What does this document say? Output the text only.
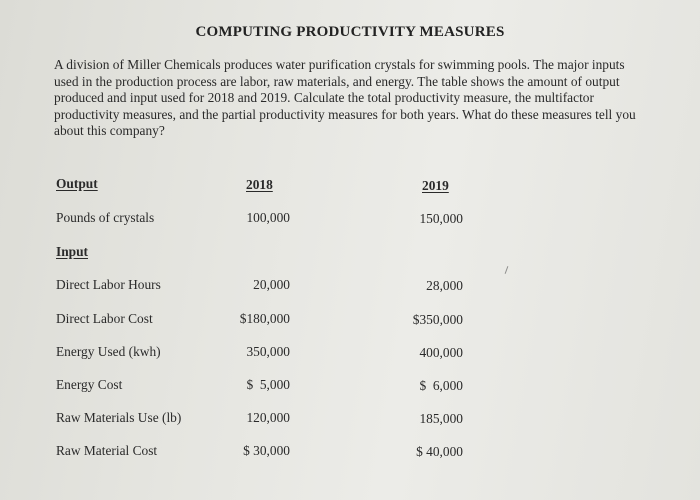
COMPUTING PRODUCTIVITY MEASURES
A division of Miller Chemicals produces water purification crystals for swimming pools. The major inputs used in the production process are labor, raw materials, and energy. The table shows the amount of output produced and input used for 2018 and 2019. Calculate the total productivity measure, the multifactor productivity measures, and the partial productivity measures for both years. What do these measures tell you about this company?
Output	2018	2019
Pounds of crystals	100,000	150,000
Input
Direct Labor Hours	20,000	28,000
Direct Labor Cost	$180,000	$350,000
Energy Used (kwh)	350,000	400,000
Energy Cost	$  5,000	$  6,000
Raw Materials Use (lb)	120,000	185,000
Raw Material Cost	$ 30,000	$ 40,000
